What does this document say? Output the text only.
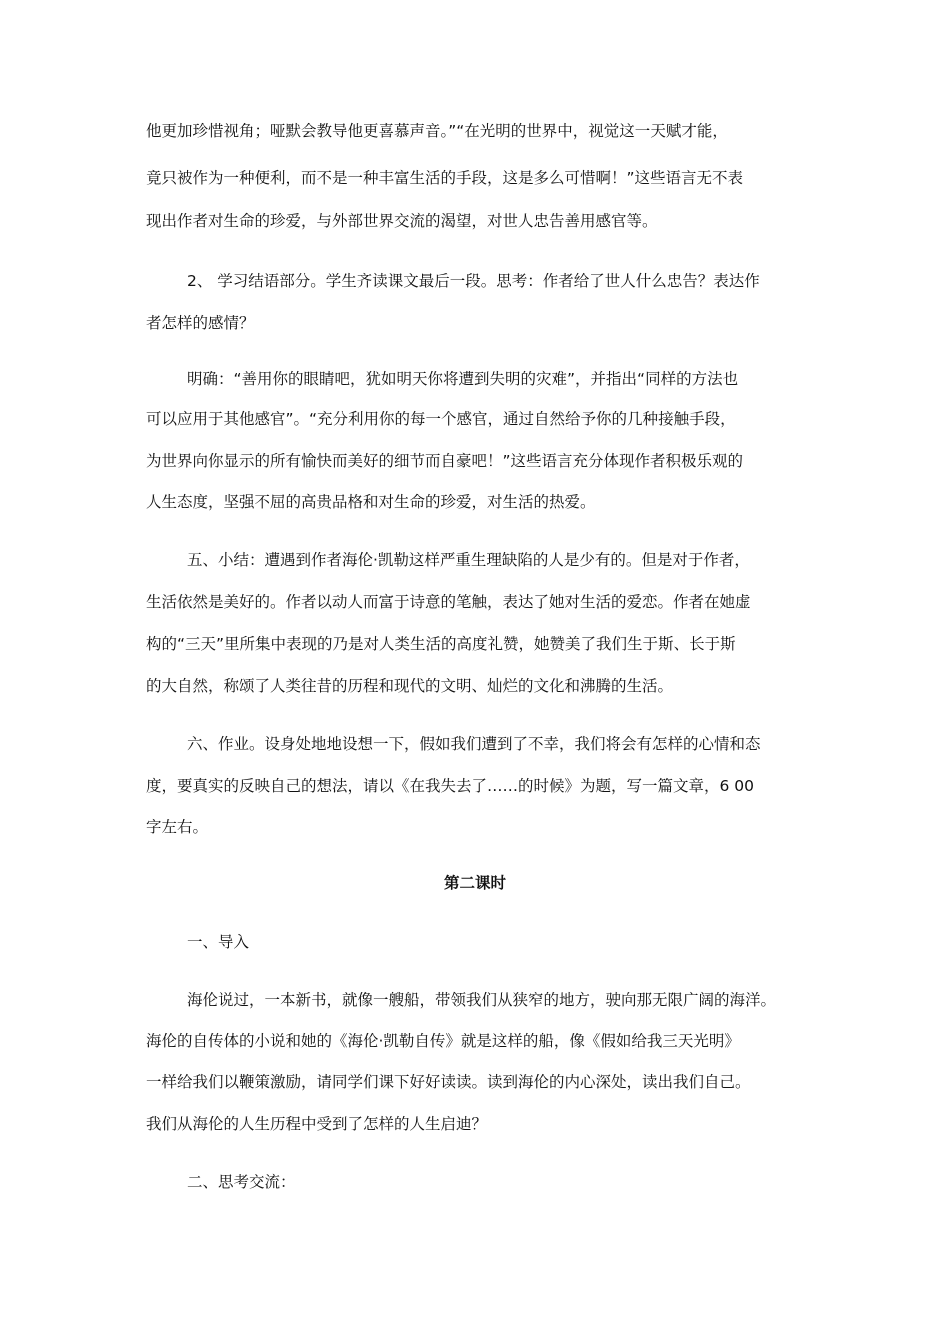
他更加珍惜视角；哑默会教导他更喜慕声音。”“在光明的世界中，视觉这一天赋才能，
竟只被作为一种便利，而不是一种丰富生活的手段，这是多么可惜啊！”这些语言无不表
现出作者对生命的珍爱，与外部世界交流的渴望，对世人忠告善用感官等。
2、 学习结语部分。学生齐读课文最后一段。思考：作者给了世人什么忠告？表达作
者怎样的感情？
明确：“善用你的眼睛吧，犹如明天你将遭到失明的灾难”，并指出“同样的方法也
可以应用于其他感官”。“充分利用你的每一个感官，通过自然给予你的几种接触手段，
为世界向你显示的所有愉快而美好的细节而自豪吧！”这些语言充分体现作者积极乐观的
人生态度，坚强不屈的高贵品格和对生命的珍爱，对生活的热爱。
五、小结：遭遇到作者海伦·凯勒这样严重生理缺陷的人是少有的。但是对于作者，
生活依然是美好的。作者以动人而富于诗意的笔触，表达了她对生活的爱恋。作者在她虚
构的“三天”里所集中表现的乃是对人类生活的高度礼赞，她赞美了我们生于斯、长于斯
的大自然，称颂了人类往昔的历程和现代的文明、灿烂的文化和沸腾的生活。
六、作业。设身处地地设想一下，假如我们遭到了不幸，我们将会有怎样的心情和态
度，要真实的反映自己的想法，请以《在我失去了……的时候》为题，写一篇文章，6 00
字左右。
第二课时
一、导入
海伦说过，一本新书，就像一艘船，带领我们从狭窄的地方，驶向那无限广阔的海洋。
海伦的自传体的小说和她的《海伦·凯勒自传》就是这样的船，像《假如给我三天光明》
一样给我们以鞭策激励，请同学们课下好好读读。读到海伦的内心深处，读出我们自己。
我们从海伦的人生历程中受到了怎样的人生启迪？
二、思考交流：
